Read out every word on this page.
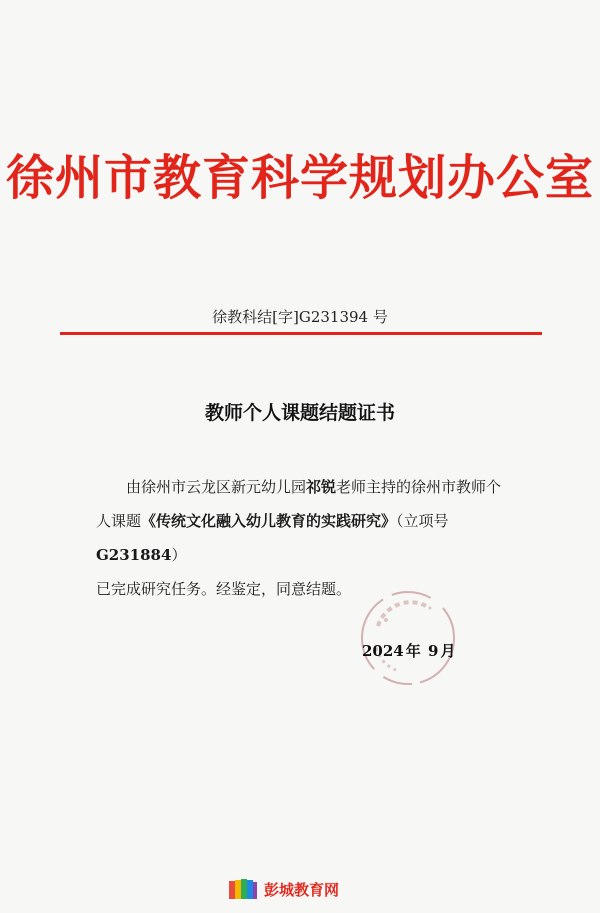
徐州市教育科学规划办公室
徐教科结[字]G231394 号
教师个人课题结题证书
由徐州市云龙区新元幼儿园祁锐老师主持的徐州市教师个
人课题《传统文化融入幼儿教育的实践研究》（立项号 G231884）
已完成研究任务。经鉴定，同意结题。
2024 年 9 月
彭城教育网
